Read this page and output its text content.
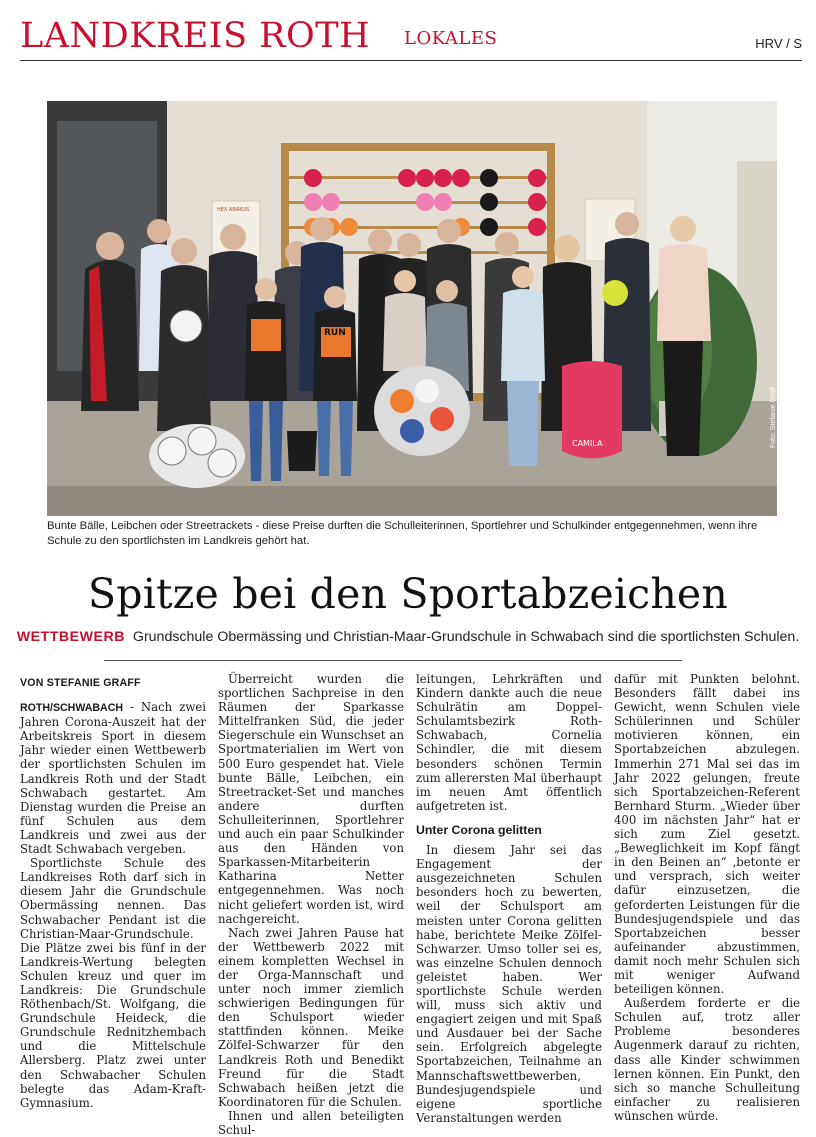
LANDKREIS ROTH LOKALES	HRV / S
HEX ABAKUS
RUN
CAMILA	Foto: Stefanie Graff
Bunte Bälle, Leibchen oder Streetrackets - diese Preise durften die Schulleiterinnen, Sportlehrer und Schulkinder entgegennehmen, wenn ihre Schule zu den sportlichsten im Landkreis gehört hat.
Spitze bei den Sportabzeichen
WETTBEWERB Grundschule Obermässing und Christian-Maar-Grundschule in Schwabach sind die sportlichsten Schulen.
VON STEFANIE GRAFF

ROTH/SCHWABACH - Nach zwei Jahren Corona-Auszeit hat der Arbeitskreis Sport in diesem Jahr wieder einen Wettbewerb der sportlichsten Schulen im Landkreis Roth und der Stadt Schwabach gestartet. Am Dienstag wurden die Preise an fünf Schulen aus dem Landkreis und zwei aus der Stadt Schwabach vergeben.

Sportlichste Schule des Landkreises Roth darf sich in diesem Jahr die Grundschule Obermässing nennen. Das Schwabacher Pendant ist die Christian-Maar-Grundschule. Die Plätze zwei bis fünf in der Landkreis-Wertung belegten Schulen kreuz und quer im Landkreis: Die Grundschule Röthenbach/St. Wolfgang, die Grundschule Heideck, die Grundschule Rednitzhembach und die Mittelschule Allersberg. Platz zwei unter den Schwabacher Schulen belegte das Adam-Kraft-Gymnasium.

Überreicht wurden die sportlichen Sachpreise in den Räumen der Sparkasse Mittelfranken Süd, die jeder Siegerschule ein Wunschset an Sportmaterialien im Wert von 500 Euro gespendet hat. Viele bunte Bälle, Leibchen, ein Streetracket-Set und manches andere durften Schulleiterinnen, Sportlehrer und auch ein paar Schulkinder aus den Händen von Sparkassen-Mitarbeiterin Katharina Netter entgegennehmen. Was noch nicht geliefert worden ist, wird nachgereicht.

Nach zwei Jahren Pause hat der Wettbewerb 2022 mit einem kompletten Wechsel in der Orga-Mannschaft und unter noch immer ziemlich schwierigen Bedingungen für den Schulsport wieder stattfinden können. Meike Zölfel-Schwarzer für den Landkreis Roth und Benedikt Freund für die Stadt Schwabach heißen jetzt die Koordinatoren für die Schulen.

Ihnen und allen beteiligten Schul-

leitungen, Lehrkräften und Kindern dankte auch die neue Schulrätin am Doppel-Schulamtsbezirk Roth-Schwabach, Cornelia Schindler, die mit diesem besonders schönen Termin zum allerersten Mal überhaupt im neuen Amt öffentlich aufgetreten ist.

Unter Corona gelitten

In diesem Jahr sei das Engagement der ausgezeichneten Schulen besonders hoch zu bewerten, weil der Schulsport am meisten unter Corona gelitten habe, berichtete Meike Zölfel-Schwarzer. Umso toller sei es, was einzelne Schulen dennoch geleistet haben. Wer sportlichste Schule werden will, muss sich aktiv und engagiert zeigen und mit Spaß und Ausdauer bei der Sache sein. Erfolgreich abgelegte Sportabzeichen, Teilnahme an Mannschaftswettbewerben, Bundesjugendspiele und eigene sportliche Veranstaltungen werden

dafür mit Punkten belohnt. Besonders fällt dabei ins Gewicht, wenn Schulen viele Schülerinnen und Schüler motivieren können, ein Sportabzeichen abzulegen. Immerhin 271 Mal sei das im Jahr 2022 gelungen, freute sich Sportabzeichen-Referent Bernhard Sturm. „Wieder über 400 im nächsten Jahr“ hat er sich zum Ziel gesetzt. „Beweglichkeit im Kopf fängt in den Beinen an“ ,betonte er und versprach, sich weiter dafür einzusetzen, die geforderten Leistungen für die Bundesjugendspiele und das Sportabzeichen besser aufeinander abzustimmen, damit noch mehr Schulen sich mit weniger Aufwand beteiligen können.

Außerdem forderte er die Schulen auf, trotz aller Probleme besonderes Augenmerk darauf zu richten, dass alle Kinder schwimmen lernen können. Ein Punkt, den sich so manche Schulleitung einfacher zu realisieren wünschen würde.
